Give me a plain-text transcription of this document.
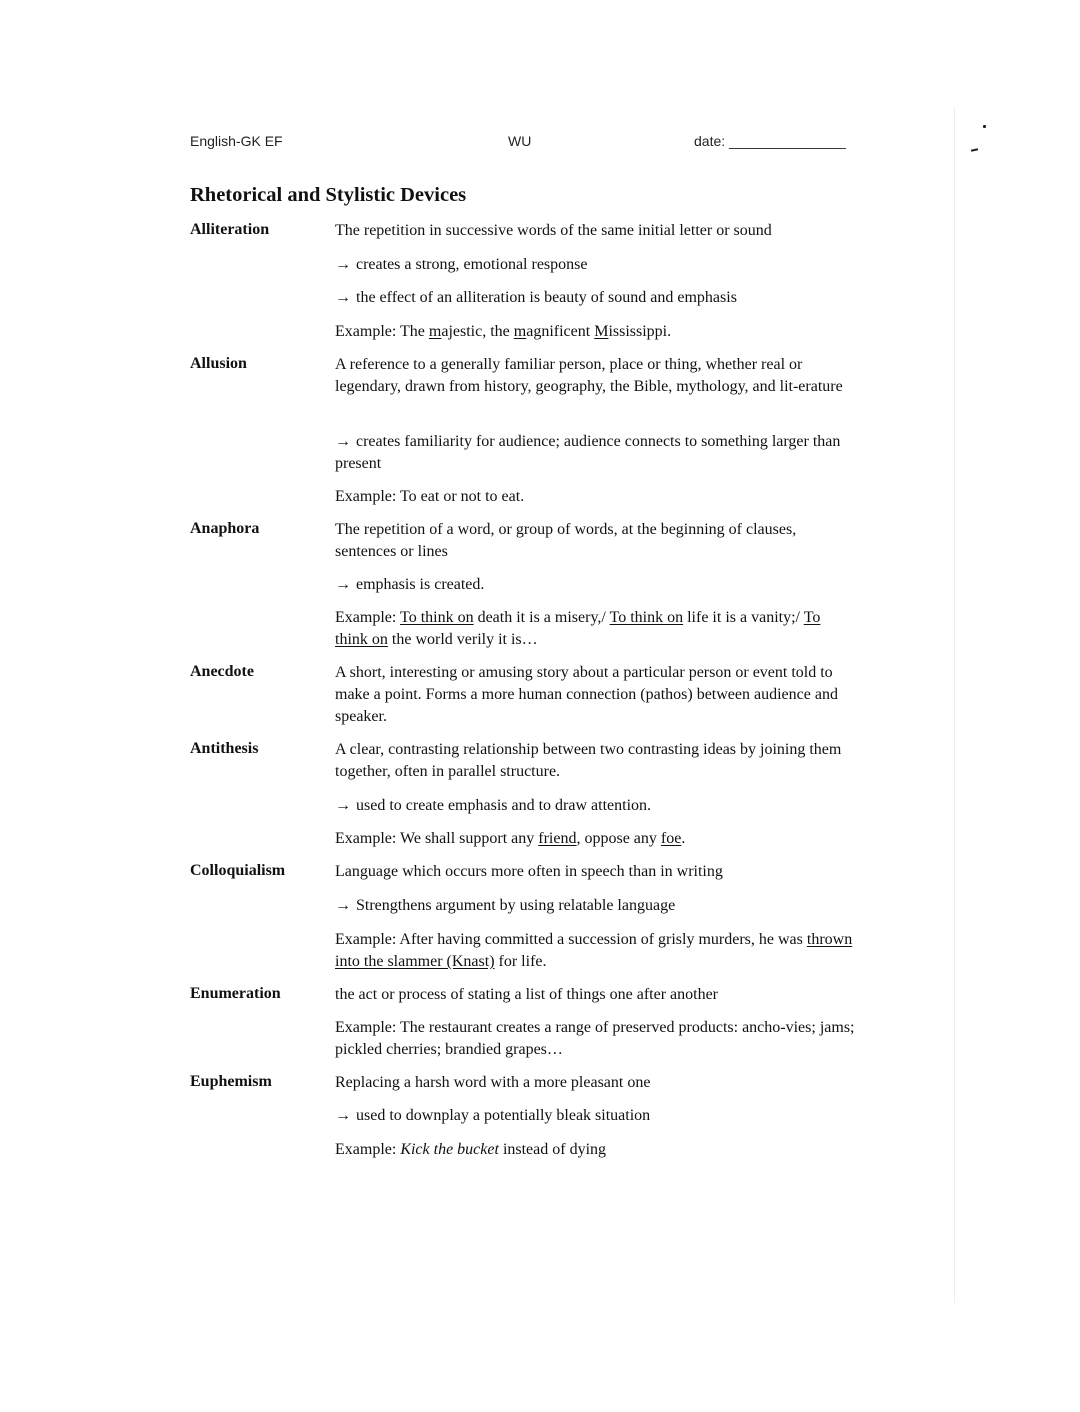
English-GK EF	WU	date: _______________
Rhetorical and Stylistic Devices
Alliteration	The repetition in successive words of the same initial letter or sound
→ creates a strong, emotional response
→ the effect of an alliteration is beauty of sound and emphasis
Example: The majestic, the magnificent Mississippi.
Allusion	A reference to a generally familiar person, place or thing, whether real or legendary, drawn from history, geography, the Bible, mythology, and lit-erature
→ creates familiarity for audience; audience connects to something larger than present
Example: To eat or not to eat.
Anaphora	The repetition of a word, or group of words, at the beginning of clauses, sentences or lines
→ emphasis is created.
Example: To think on death it is a misery,/ To think on life it is a vanity;/ To think on the world verily it is…
Anecdote	A short, interesting or amusing story about a particular person or event told to make a point. Forms a more human connection (pathos) between audience and speaker.
Antithesis	A clear, contrasting relationship between two contrasting ideas by joining them together, often in parallel structure.
→ used to create emphasis and to draw attention.
Example: We shall support any friend, oppose any foe.
Colloquialism	Language which occurs more often in speech than in writing
→ Strengthens argument by using relatable language
Example: After having committed a succession of grisly murders, he was thrown into the slammer (Knast) for life.
Enumeration	the act or process of stating a list of things one after another
Example: The restaurant creates a range of preserved products: ancho-vies; jams; pickled cherries; brandied grapes…
Euphemism	Replacing a harsh word with a more pleasant one
→ used to downplay a potentially bleak situation
Example: Kick the bucket instead of dying
